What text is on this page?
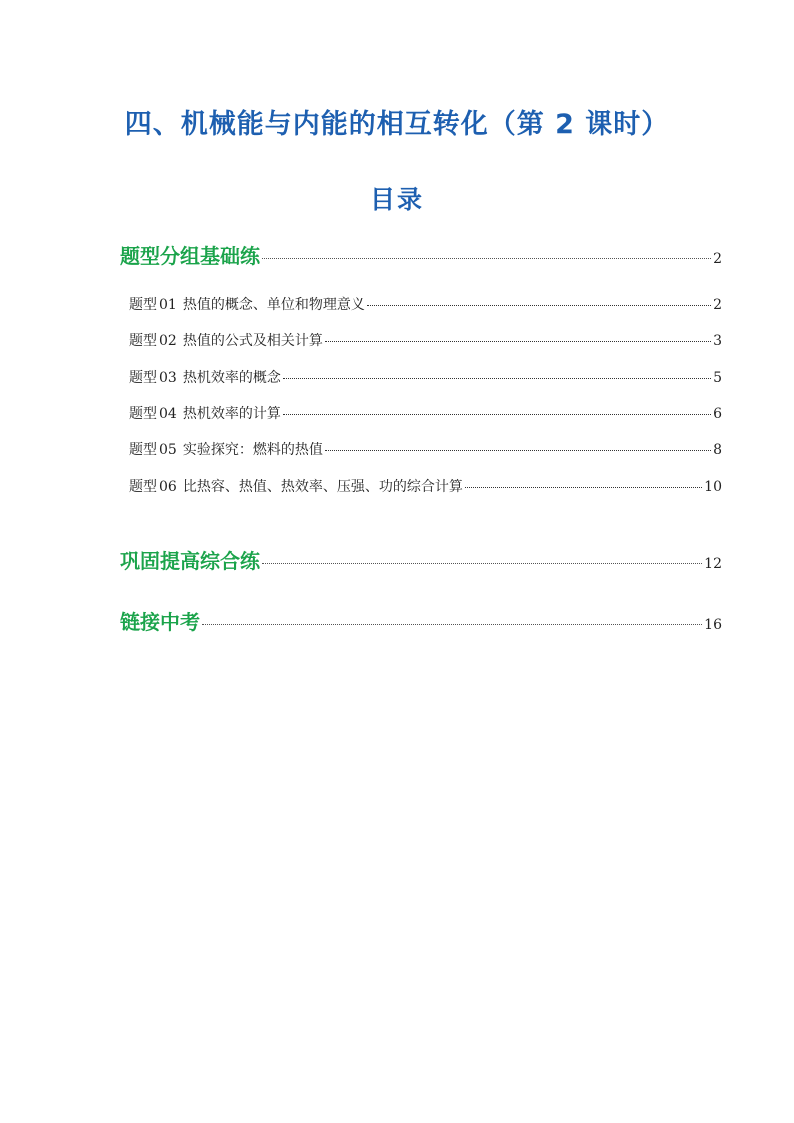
四、机械能与内能的相互转化（第 2 课时）
目录
题型分组基础练	2
题型 01 热值的概念、单位和物理意义	2
题型 02 热值的公式及相关计算	3
题型 03 热机效率的概念	5
题型 04 热机效率的计算	6
题型 05 实验探究：燃料的热值	8
题型 06 比热容、热值、热效率、压强、功的综合计算	10
巩固提高综合练	12
链接中考	16
